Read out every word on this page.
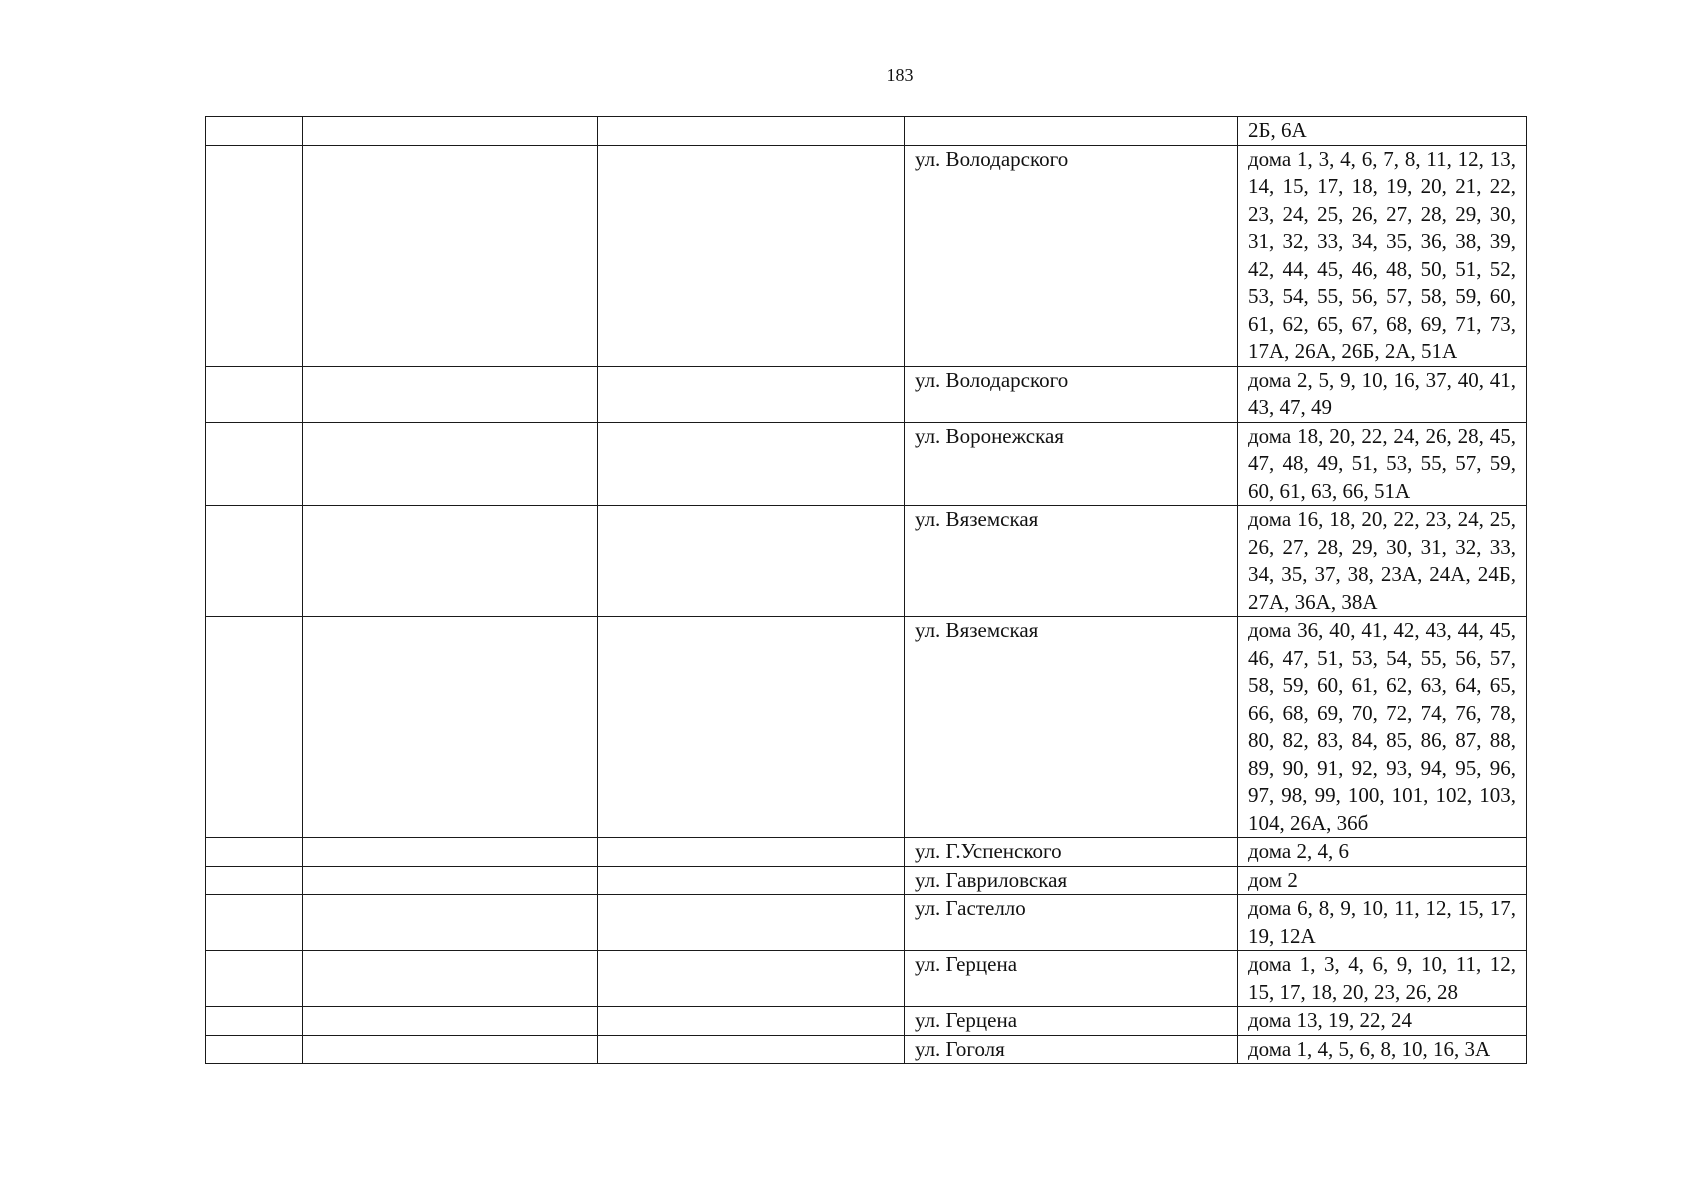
183
				2Б, 6А
			ул. Володарского	дома 1, 3, 4, 6, 7, 8, 11, 12, 13, 14, 15, 17, 18, 19, 20, 21, 22, 23, 24, 25, 26, 27, 28, 29, 30, 31, 32, 33, 34, 35, 36, 38, 39, 42, 44, 45, 46, 48, 50, 51, 52, 53, 54, 55, 56, 57, 58, 59, 60, 61, 62, 65, 67, 68, 69, 71, 73, 17А, 26А, 26Б, 2А, 51А
			ул. Володарского	дома 2, 5, 9, 10, 16, 37, 40, 41, 43, 47, 49
			ул. Воронежская	дома 18, 20, 22, 24, 26, 28, 45, 47, 48, 49, 51, 53, 55, 57, 59, 60, 61, 63, 66, 51А
			ул. Вяземская	дома 16, 18, 20, 22, 23, 24, 25, 26, 27, 28, 29, 30, 31, 32, 33, 34, 35, 37, 38, 23А, 24А, 24Б, 27А, 36А, 38А
			ул. Вяземская	дома 36, 40, 41, 42, 43, 44, 45, 46, 47, 51, 53, 54, 55, 56, 57, 58, 59, 60, 61, 62, 63, 64, 65, 66, 68, 69, 70, 72, 74, 76, 78, 80, 82, 83, 84, 85, 86, 87, 88, 89, 90, 91, 92, 93, 94, 95, 96, 97, 98, 99, 100, 101, 102, 103, 104, 26А, 36б
			ул. Г.Успенского	дома 2, 4, 6
			ул. Гавриловская	дом 2
			ул. Гастелло	дома 6, 8, 9, 10, 11, 12, 15, 17, 19, 12А
			ул. Герцена	дома 1, 3, 4, 6, 9, 10, 11, 12, 15, 17, 18, 20, 23, 26, 28
			ул. Герцена	дома 13, 19, 22, 24
			ул. Гоголя	дома 1, 4, 5, 6, 8, 10, 16, 3А
